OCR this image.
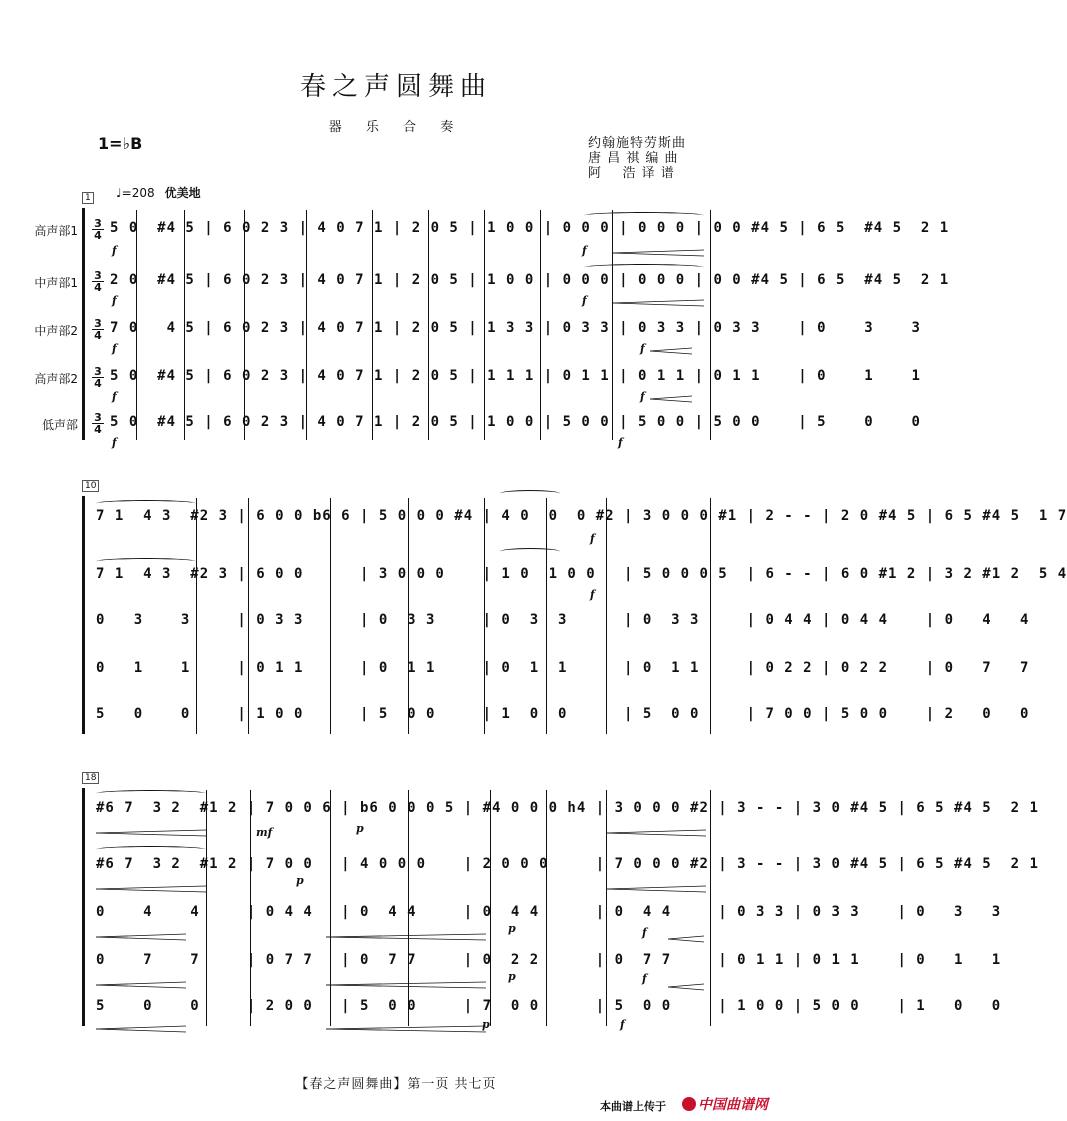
春之声圆舞曲
器 乐 合 奏
1=♭B	约翰施特劳斯曲
唐 昌 祺 编 曲
阿    浩 译 谱
♩=208 优美地
1
高声部1
中声部1
中声部2
高声部2
低声部
3
4
3
4
3
4
3
4
3
4
5 0  #4 5 | 6 0 2 3 | 4 0 7 1 | 2 0 5 | 1 0 0 | 0 0 0 | 0 0 0 | 0 0 #4 5 | 6 5  #4 5  2 1
2 0  #4 5 | 6 0 2 3 | 4 0 7 1 | 2 0 5 | 1 0 0 | 0 0 0 | 0 0 0 | 0 0 #4 5 | 6 5  #4 5  2 1
7 0   4 5 | 6 0 2 3 | 4 0 7 1 | 2 0 5 | 1 3 3 | 0 3 3 | 0 3 3 | 0 3 3    | 0    3    3
5 0  #4 5 | 6 0 2 3 | 4 0 7 1 | 2 0 5 | 1 1 1 | 0 1 1 | 0 1 1 | 0 1 1    | 0    1    1
5 0  #4 5 | 6 0 2 3 | 4 0 7 1 | 2 0 5 | 1 0 0 | 5 0 0 | 5 0 0 | 5 0 0    | 5    0    0
f
f
f
f
f
f
f
f
f
f
10
7 1  4 3  #2 3 | 6 0 0 b6 6 | 5 0 0 0 #4 | 4 0  0  0 #2 | 3 0 0 0 #1 | 2 - - | 2 0 #4 5 | 6 5 #4 5  1 7
7 1  4 3  #2 3 | 6 0 0      | 3 0 0 0    | 1 0  1 0 0   | 5 0 0 0 5  | 6 - - | 6 0 #1 2 | 3 2 #1 2  5 4
0   3    3     | 0 3 3      | 0  3 3     | 0  3  3      | 0  3 3     | 0 4 4 | 0 4 4    | 0   4   4
0   1    1     | 0 1 1      | 0  1 1     | 0  1  1      | 0  1 1     | 0 2 2 | 0 2 2    | 0   7   7
5   0    0     | 1 0 0      | 5  0 0     | 1  0  0      | 5  0 0     | 7 0 0 | 5 0 0    | 2   0   0
f
f
18
#6 7  3 2  #1 2 | 7 0 0 6 | b6 0 0 0 5 | #4 0 0 0 h4 | 3 0 0 0 #2 | 3 - - | 3 0 #4 5 | 6 5 #4 5  2 1
#6 7  3 2  #1 2 | 7 0 0   | 4 0 0 0    | 2 0 0 0     | 7 0 0 0 #2 | 3 - - | 3 0 #4 5 | 6 5 #4 5  2 1
0    4    4     | 0 4 4   | 0  4 4     | 0  4 4      | 0  4 4     | 0 3 3 | 0 3 3    | 0   3   3
0    7    7     | 0 7 7   | 0  7 7     | 0  2 2      | 0  7 7     | 0 1 1 | 0 1 1    | 0   1   1
5    0    0     | 2 0 0   | 5  0 0     | 7  0 0      | 5  0 0     | 1 0 0 | 5 0 0    | 1   0   0
mf	p
p
p
p
p
f
f
f
【春之声圆舞曲】第一页 共七页
本曲谱上传于	中国曲谱网
